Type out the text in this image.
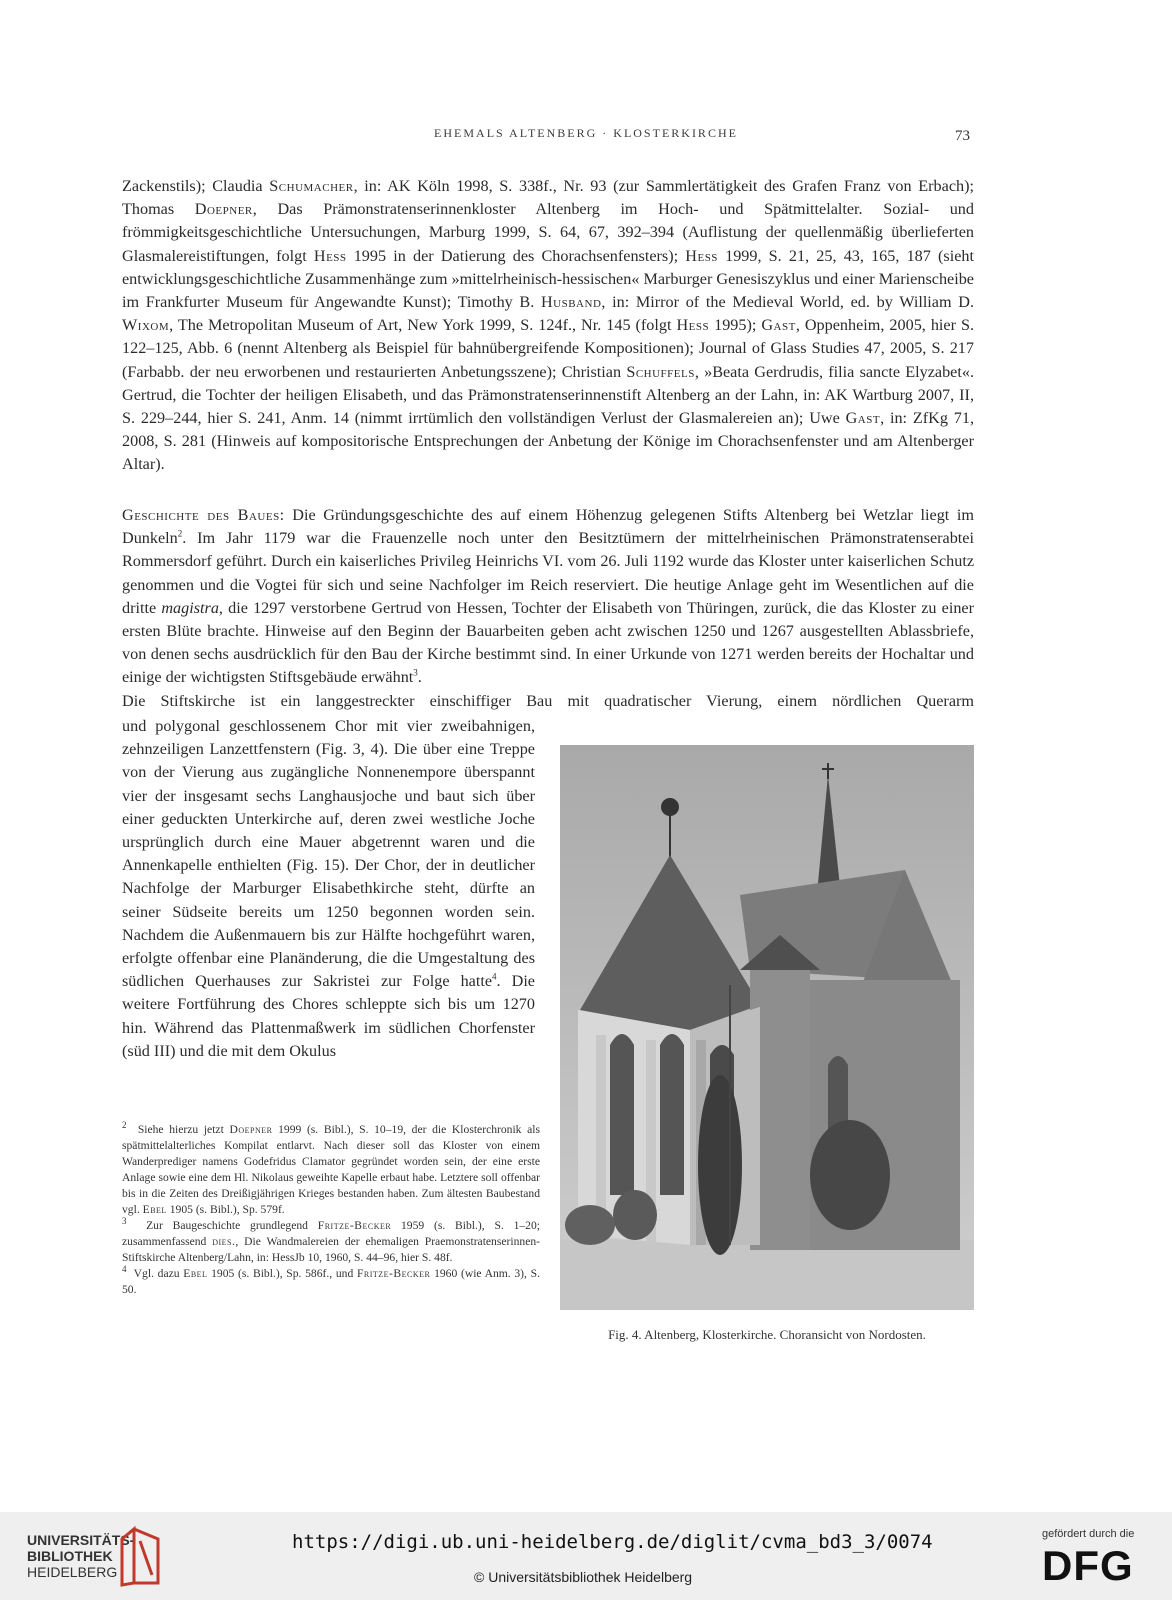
EHEMALS ALTENBERG · KLOSTERKIRCHE	73

Zackenstils); Claudia Schumacher, in: AK Köln 1998, S. 338f., Nr. 93 (zur Sammlertätigkeit des Grafen Franz von Erbach); Thomas Doepner, Das Prämonstratenserinnenkloster Altenberg im Hoch- und Spätmittelalter. Sozial- und frömmigkeitsgeschichtliche Untersuchungen, Marburg 1999, S. 64, 67, 392–394 (Auflistung der quellenmäßig überlieferten Glasmalereistiftungen, folgt Hess 1995 in der Datierung des Chorachsenfensters); Hess 1999, S. 21, 25, 43, 165, 187 (sieht entwicklungsgeschichtliche Zusammenhänge zum »mittelrheinisch-hessischen« Marburger Genesiszyklus und einer Marienscheibe im Frankfurter Museum für Angewandte Kunst); Timothy B. Husband, in: Mirror of the Medieval World, ed. by William D. Wixom, The Metropolitan Museum of Art, New York 1999, S. 124f., Nr. 145 (folgt Hess 1995); Gast, Oppenheim, 2005, hier S. 122–125, Abb. 6 (nennt Altenberg als Beispiel für bahnübergreifende Kompositionen); Journal of Glass Studies 47, 2005, S. 217 (Farbabb. der neu erworbenen und restaurierten Anbetungsszene); Christian Schuffels, »Beata Gerdrudis, filia sancte Elyzabet«. Gertrud, die Tochter der heiligen Elisabeth, und das Prämonstratenserinnenstift Altenberg an der Lahn, in: AK Wartburg 2007, II, S. 229–244, hier S. 241, Anm. 14 (nimmt irrtümlich den vollständigen Verlust der Glasmalereien an); Uwe Gast, in: ZfKg 71, 2008, S. 281 (Hinweis auf kompositorische Entsprechungen der Anbetung der Könige im Chorachsenfenster und am Altenberger Altar).

Geschichte des Baues: Die Gründungsgeschichte des auf einem Höhenzug gelegenen Stifts Altenberg bei Wetzlar liegt im Dunkeln$^2$. Im Jahr 1179 war die Frauenzelle noch unter den Besitztümern der mittelrheinischen Prämonstratenserabtei Rommersdorf geführt. Durch ein kaiserliches Privileg Heinrichs VI. vom 26. Juli 1192 wurde das Kloster unter kaiserlichen Schutz genommen und die Vogtei für sich und seine Nachfolger im Reich reserviert. Die heutige Anlage geht im Wesentlichen auf die dritte magistra, die 1297 verstorbene Gertrud von Hessen, Tochter der Elisabeth von Thüringen, zurück, die das Kloster zu einer ersten Blüte brachte. Hinweise auf den Beginn der Bauarbeiten geben acht zwischen 1250 und 1267 ausgestellten Ablassbriefe, von denen sechs ausdrücklich für den Bau der Kirche bestimmt sind. In einer Urkunde von 1271 werden bereits der Hochaltar und einige der wichtigsten Stiftsgebäude erwähnt$^3$.

Die Stiftskirche ist ein langgestreckter einschiffiger Bau mit quadratischer Vierung, einem nördlichen Querarm

und polygonal geschlossenem Chor mit vier zweibahnigen, zehnzeiligen Lanzettfenstern (Fig. 3, 4). Die über eine Treppe von der Vierung aus zugängliche Nonnenempore überspannt vier der insgesamt sechs Langhausjoche und baut sich über einer geduckten Unterkirche auf, deren zwei westliche Joche ursprünglich durch eine Mauer abgetrennt waren und die Annenkapelle enthielten (Fig. 15). Der Chor, der in deutlicher Nachfolge der Marburger Elisabethkirche steht, dürfte an seiner Südseite bereits um 1250 begonnen worden sein. Nachdem die Außenmauern bis zur Hälfte hochgeführt waren, erfolgte offenbar eine Planänderung, die die Umgestaltung des südlichen Querhauses zur Sakristei zur Folge hatte$^4$. Die weitere Fortführung des Chores schleppte sich bis um 1270 hin. Während das Plattenmaßwerk im südlichen Chorfenster (süd III) und die mit dem Okulus

Fig. 4. Altenberg, Klosterkirche. Choransicht von Nordosten.

$^2$ Siehe hierzu jetzt Doepner 1999 (s. Bibl.), S. 10–19, der die Klosterchronik als spätmittelalterliches Kompilat entlarvt. Nach dieser soll das Kloster von einem Wanderprediger namens Godefridus Clamator gegründet worden sein, der eine erste Anlage sowie eine dem Hl. Nikolaus geweihte Kapelle erbaut habe. Letztere soll offenbar bis in die Zeiten des Dreißigjährigen Krieges bestanden haben. Zum ältesten Baubestand vgl. Ebel 1905 (s. Bibl.), Sp. 579f.

$^3$ Zur Baugeschichte grundlegend Fritze-Becker 1959 (s. Bibl.), S. 1–20; zusammenfassend dies., Die Wandmalereien der ehemaligen Praemonstratenserinnen-Stiftskirche Altenberg/Lahn, in: HessJb 10, 1960, S. 44–96, hier S. 48f.

$^4$ Vgl. dazu Ebel 1905 (s. Bibl.), Sp. 586f., und Fritze-Becker 1960 (wie Anm. 3), S. 50.

UNIVERSITÄTS-
BIBLIOTHEK
HEIDELBERG
https://digi.ub.uni-heidelberg.de/diglit/cvma_bd3_3/0074
© Universitätsbibliothek Heidelberg
gefördert durch die
DFG
